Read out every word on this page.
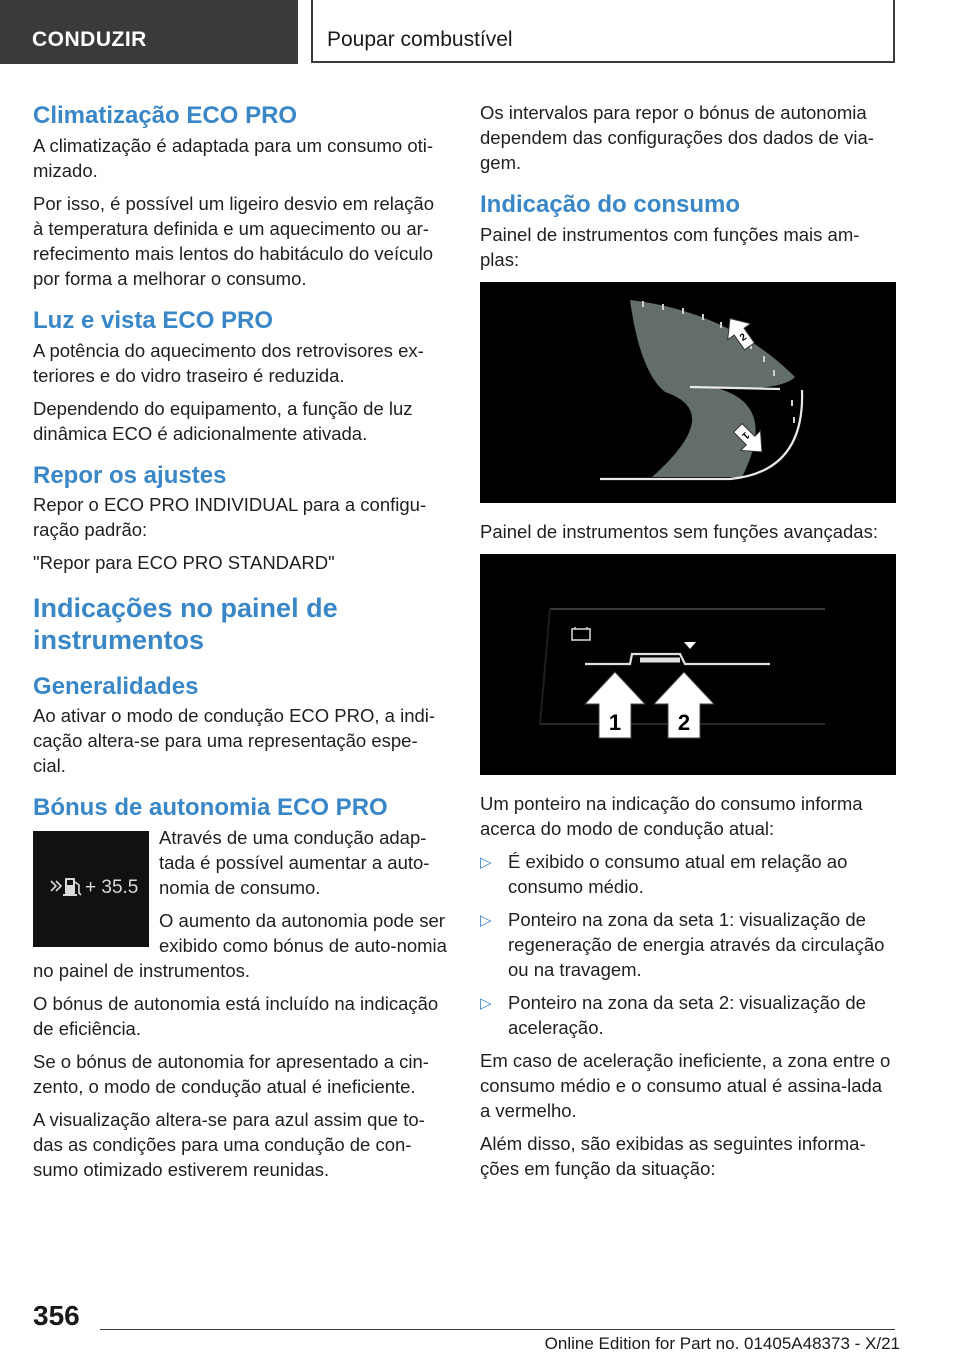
CONDUZIR	Poupar combustível
Climatização ECO PRO

A climatização é adaptada para um consumo oti‐mizado.

Por isso, é possível um ligeiro desvio em relação à temperatura definida e um aquecimento ou ar‐refecimento mais lentos do habitáculo do veículo por forma a melhorar o consumo.

Luz e vista ECO PRO

A potência do aquecimento dos retrovisores ex‐teriores e do vidro traseiro é reduzida.

Dependendo do equipamento, a função de luz dinâmica ECO é adicionalmente ativada.

Repor os ajustes

Repor o ECO PRO INDIVIDUAL para a configu‐ração padrão:

"Repor para ECO PRO STANDARD"

Indicações no painel de instrumentos
Generalidades

Ao ativar o modo de condução ECO PRO, a indi‐cação altera-se para uma representação espe‐cial.

Bónus de autonomia ECO PRO
+ 35.5

Através de uma condução adap‐tada é possível aumentar a auto‐nomia de consumo.

O aumento da autonomia pode ser exibido como bónus de auto‐nomia no painel de instrumentos.

O bónus de autonomia está incluído na indicação de eficiência.

Se o bónus de autonomia for apresentado a cin‐zento, o modo de condução atual é ineficiente.

A visualização altera-se para azul assim que to‐das as condições para uma condução de con‐sumo otimizado estiverem reunidas.

Os intervalos para repor o bónus de autonomia dependem das configurações dos dados de via‐gem.

Indicação do consumo

Painel de instrumentos com funções mais am‐plas:

2
1

Painel de instrumentos sem funções avançadas:

1	2

Um ponteiro na indicação do consumo informa acerca do modo de condução atual:

▷ É exibido o consumo atual em relação ao consumo médio.

▷ Ponteiro na zona da seta 1: visualização de regeneração de energia através da circulação ou na travagem.

▷ Ponteiro na zona da seta 2: visualização de aceleração.

Em caso de aceleração ineficiente, a zona entre o consumo médio e o consumo atual é assina‐lada a vermelho.

Além disso, são exibidas as seguintes informa‐ções em função da situação:

356
Online Edition for Part no. 01405A48373 - X/21
